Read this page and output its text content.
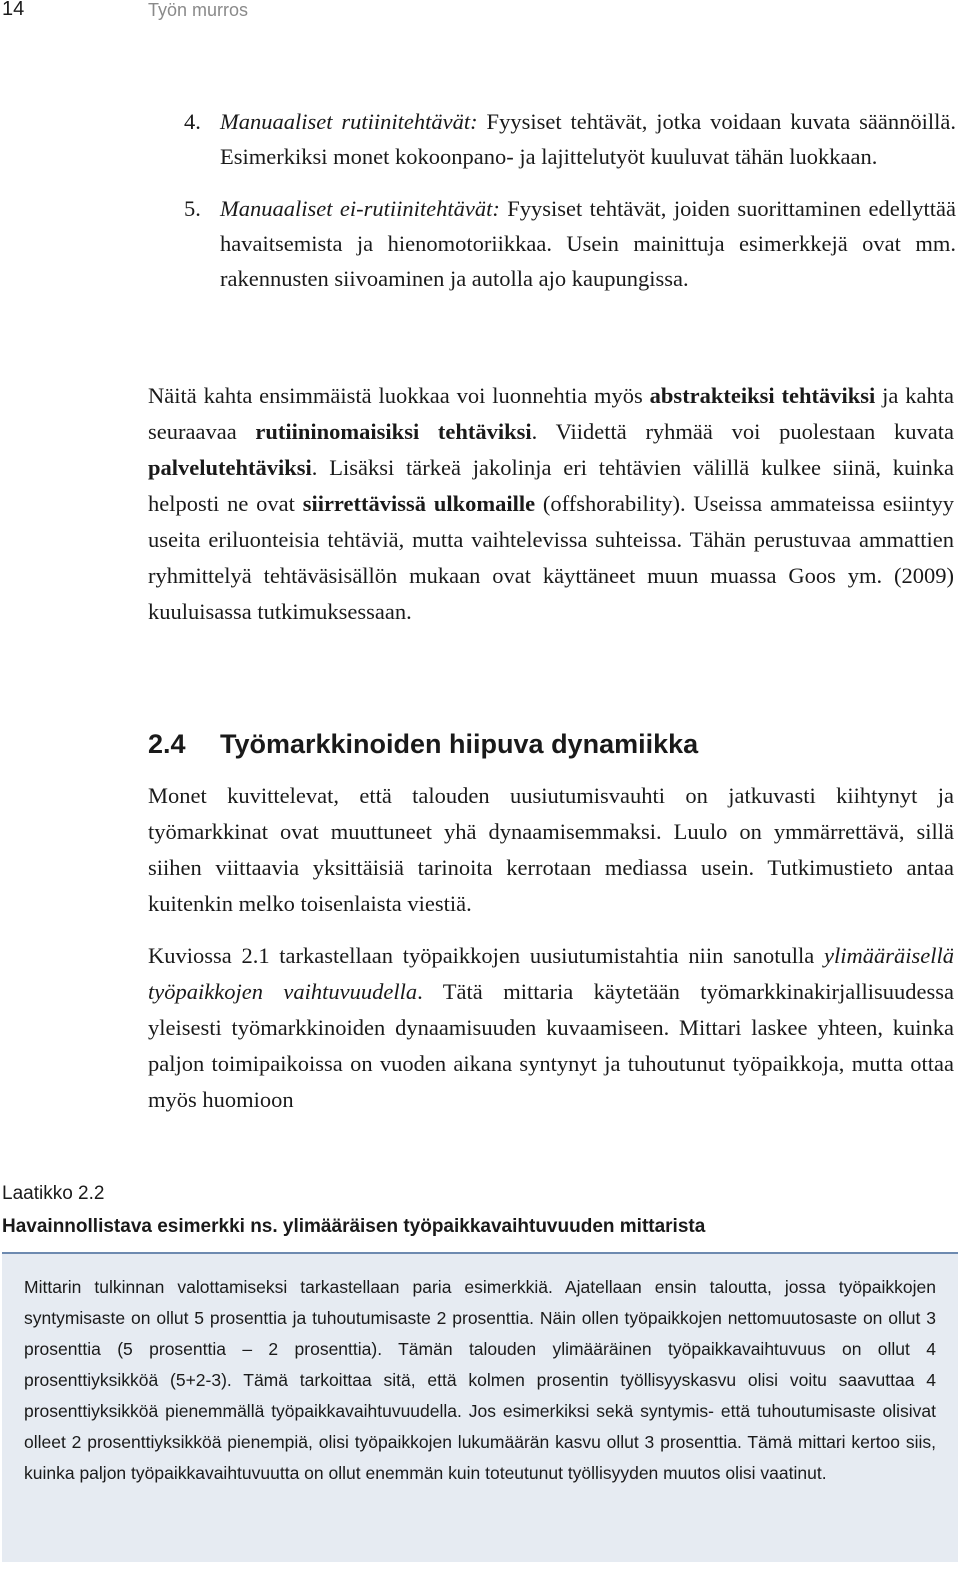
14	Työn murros
4. Manuaaliset rutiinitehtävät: Fyysiset tehtävät, jotka voidaan kuvata säännöillä. Esimerkiksi monet kokoonpano- ja lajittelutyöt kuuluvat tähän luokkaan.
5. Manuaaliset ei-rutiinitehtävät: Fyysiset tehtävät, joiden suorittaminen edellyttää havaitsemista ja hienomotoriikkaa. Usein mainittuja esimerkkejä ovat mm. rakennusten siivoaminen ja autolla ajo kaupungissa.

Näitä kahta ensimmäistä luokkaa voi luonnehtia myös abstrakteiksi tehtäviksi ja kahta seuraavaa rutiininomaisiksi tehtäviksi. Viidettä ryhmää voi puolestaan kuvata palvelutehtäviksi. Lisäksi tärkeä jakolinja eri tehtävien välillä kulkee siinä, kuinka helposti ne ovat siirrettävissä ulkomaille (offshorability). Useissa ammateissa esiintyy useita eriluonteisia tehtäviä, mutta vaihtelevissa suhteissa. Tähän perustuvaa ammattien ryhmittelyä tehtäväsisällön mukaan ovat käyttäneet muun muassa Goos ym. (2009) kuuluisassa tutkimuksessaan.

2.4 Työmarkkinoiden hiipuva dynamiikka

Monet kuvittelevat, että talouden uusiutumisvauhti on jatkuvasti kiihtynyt ja työmarkkinat ovat muuttuneet yhä dynaamisemmaksi. Luulo on ymmärrettävä, sillä siihen viittaavia yksittäisiä tarinoita kerrotaan mediassa usein. Tutkimustieto antaa kuitenkin melko toisenlaista viestiä.

Kuviossa 2.1 tarkastellaan työpaikkojen uusiutumistahtia niin sanotulla ylimääräisellä työpaikkojen vaihtuvuudella. Tätä mittaria käytetään työmarkkinakirjallisuudessa yleisesti työmarkkinoiden dynaamisuuden kuvaamiseen. Mittari laskee yhteen, kuinka paljon toimipaikoissa on vuoden aikana syntynyt ja tuhoutunut työpaikkoja, mutta ottaa myös huomioon

Laatikko 2.2
Havainnollistava esimerkki ns. ylimääräisen työpaikkavaihtuvuuden mittarista

Mittarin tulkinnan valottamiseksi tarkastellaan paria esimerkkiä. Ajatellaan ensin taloutta, jossa työpaikkojen syntymisaste on ollut 5 prosenttia ja tuhoutumisaste 2 prosenttia. Näin ollen työpaikkojen nettomuutosaste on ollut 3 prosenttia (5 prosenttia – 2 prosenttia). Tämän talouden ylimääräinen työpaikkavaihtuvuus on ollut 4 prosenttiyksikköä (5+2-3). Tämä tarkoittaa sitä, että kolmen prosentin työllisyyskasvu olisi voitu saavuttaa 4 prosenttiyksikköä pienemmällä työpaikkavaihtuvuudella. Jos esimerkiksi sekä syntymis- että tuhoutumisaste olisivat olleet 2 prosenttiyksikköä pienempiä, olisi työpaikkojen lukumäärän kasvu ollut 3 prosenttia. Tämä mittari kertoo siis, kuinka paljon työpaikkavaihtuvuutta on ollut enemmän kuin toteutunut työllisyyden muutos olisi vaatinut.
